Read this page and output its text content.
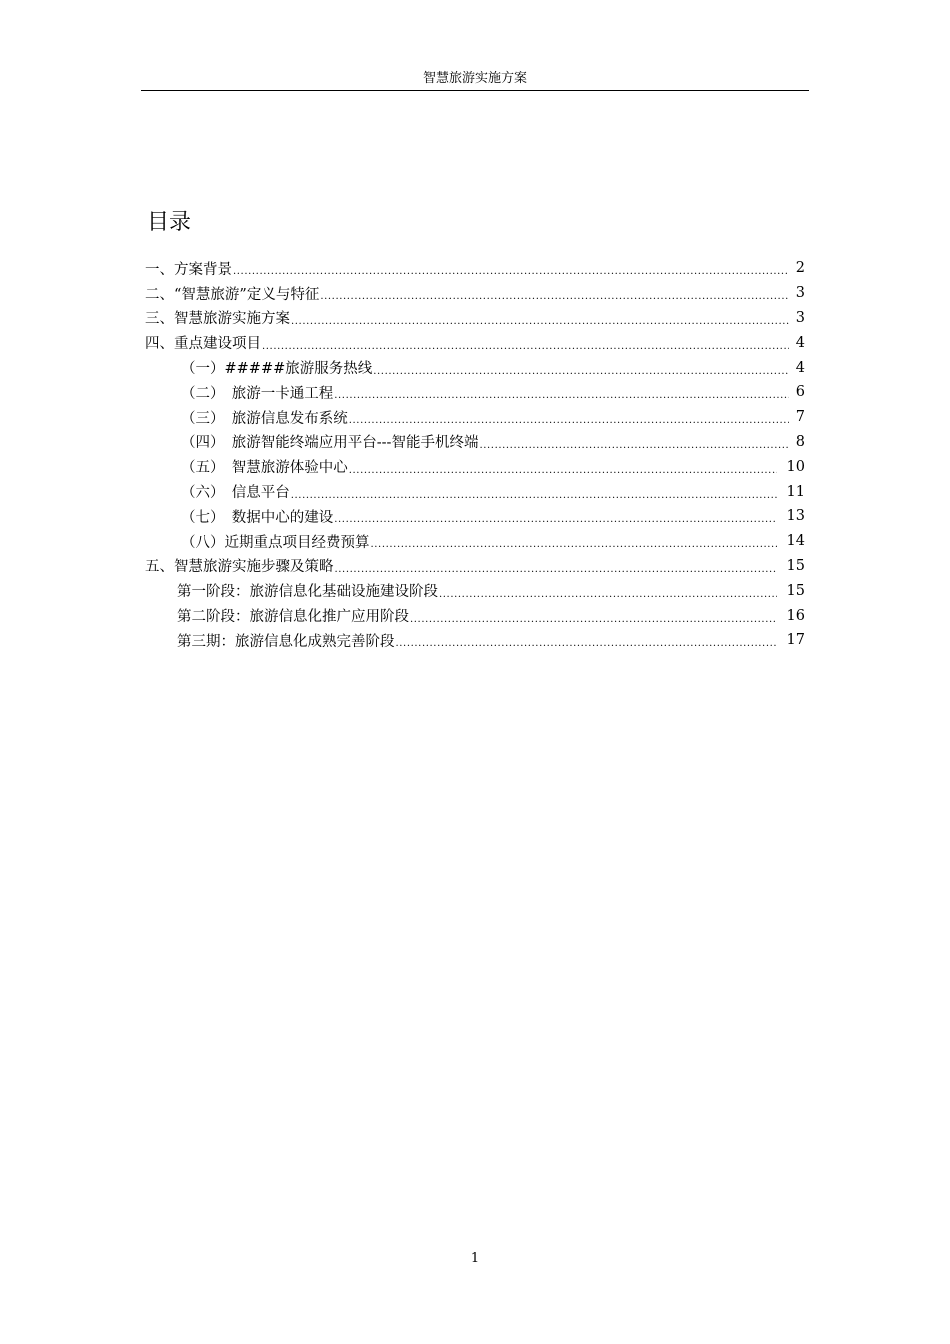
智慧旅游实施方案
目录
一、方案背景 .....	2
二、“智慧旅游”定义与特征 .....	3
三、智慧旅游实施方案 .....	3
四、重点建设项目 .....	4
（一）#####旅游服务热线 .....	4
（二）　旅游一卡通工程 .....	6
（三）　旅游信息发布系统 .....	7
（四）　旅游智能终端应用平台---智能手机终端 .....	8
（五）　智慧旅游体验中心 .....	10
（六）　信息平台 .....	11
（七）　数据中心的建设 .....	13
（八）近期重点项目经费预算 .....	14
五、智慧旅游实施步骤及策略 .....	15
第一阶段：旅游信息化基础设施建设阶段 .....	15
第二阶段：旅游信息化推广应用阶段 .....	16
第三期：旅游信息化成熟完善阶段 .....	17
1
